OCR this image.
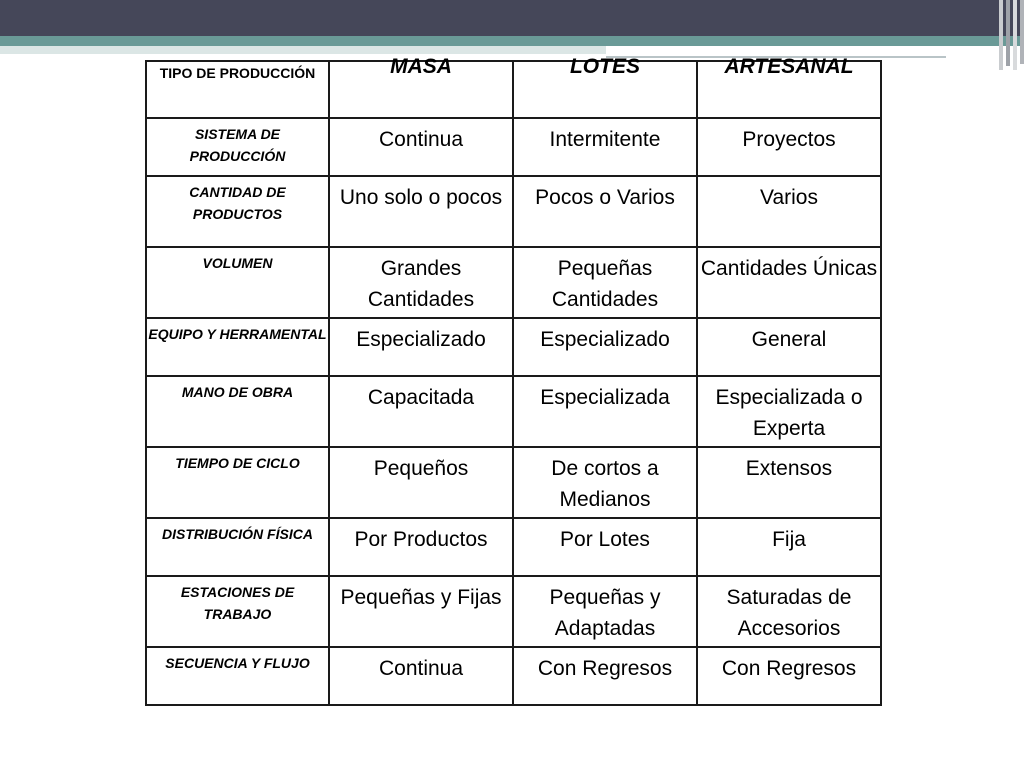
TIPO DE PRODUCCIÓN	MASA	LOTES	ARTESANAL

SISTEMA DE PRODUCCIÓN	Continua	Intermitente	Proyectos

CANTIDAD DE PRODUCTOS	Uno solo o pocos	Pocos o Varios	Varios

VOLUMEN	Grandes Cantidades	Pequeñas Cantidades	Cantidades Únicas

EQUIPO Y HERRAMENTAL	Especializado	Especializado	General

MANO DE OBRA	Capacitada	Especializada	Especializada o Experta

TIEMPO DE CICLO	Pequeños	De cortos a Medianos	Extensos

DISTRIBUCIÓN FÍSICA	Por Productos	Por Lotes	Fija

ESTACIONES DE TRABAJO	Pequeñas y Fijas	Pequeñas y Adaptadas	Saturadas de Accesorios

SECUENCIA Y FLUJO	Continua	Con Regresos	Con Regresos
